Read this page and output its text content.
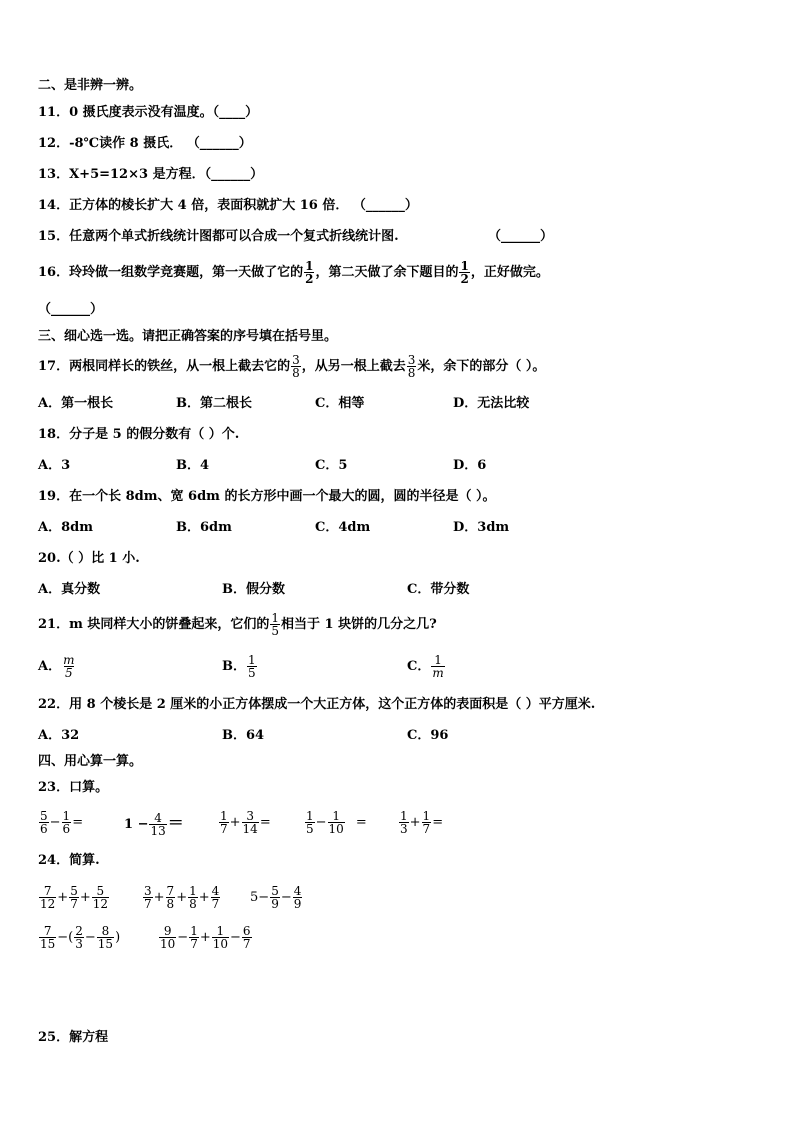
二、是非辨一辨。
11．0 摄氏度表示没有温度。（____）
12．-8℃读作 8 摄氏． （______）
13．X+5=12×3 是方程．（______）
14．正方体的棱长扩大 4 倍，表面积就扩大 16 倍． （______）
15．任意两个单式折线统计图都可以合成一个复式折线统计图.	（______）
16．玲玲做一组数学竞赛题，第一天做了它的 $\frac{1}{2}$ ，第二天做了余下题目的 $\frac{1}{2}$ ，正好做完。
（______）
三、细心选一选。请把正确答案的序号填在括号里。
17．两根同样长的铁丝，从一根上截去它的 $\frac{3}{8}$ ，从另一根上截去 $\frac{3}{8}$ 米，余下的部分（ ）。
A．第一根长	B．第二根长	C．相等	D．无法比较
18．分子是 5 的假分数有（ ）个.
A．3	B．4	C．5	D．6
19．在一个长 8dm、宽 6dm 的长方形中画一个最大的圆，圆的半径是（ ）。
A．8dm	B．6dm	C．4dm	D．3dm
20.（ ）比 1 小.
A．真分数	B．假分数	C．带分数
21．m 块同样大小的饼叠起来，它们的 $\frac{1}{5}$ 相当于 1 块饼的几分之几?
A． $\frac{m}{5}$	B． $\frac{1}{5}$	C． $\frac{1}{m}$
22．用 8 个棱长是 2 厘米的小正方体摆成一个大正方体，这个正方体的表面积是（ ）平方厘米.
A．32	B．64	C．96
四、用心算一算。
23．口算。
$\frac{5}{6} - \frac{1}{6}$ =	$1 - \frac{4}{13}$ ＝	$\frac{1}{7} + \frac{3}{14}$ =	$\frac{1}{5} - \frac{1}{10}$ =	$\frac{1}{3} + \frac{1}{7}$ =
24．简算.
$\frac{7}{12} + \frac{5}{7} + \frac{5}{12}$	$\frac{3}{7} + \frac{7}{8} + \frac{1}{8} + \frac{4}{7} 5- \frac{5}{9} - \frac{4}{9}$
$\frac{7}{15}$ −( $\frac{2}{3} - \frac{8}{15}$ )	$\frac{9}{10} - \frac{1}{7} + \frac{1}{10} - \frac{6}{7}$
25．解方程
